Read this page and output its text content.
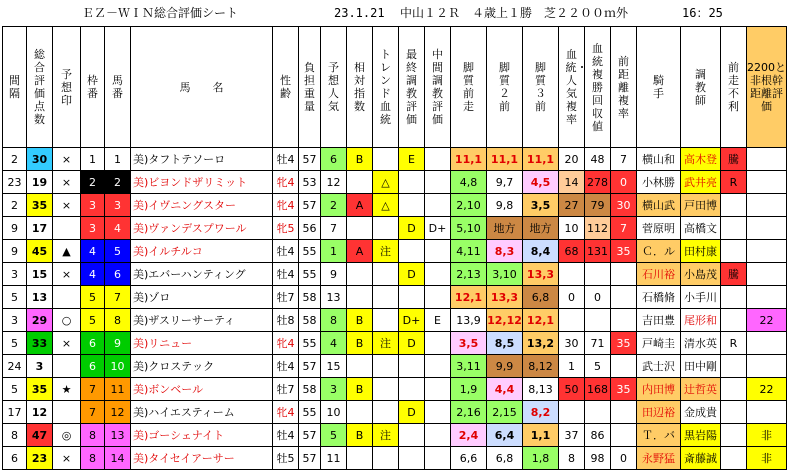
ＥＺ－ＷＩＮ総合評価シート	23.1.21 中山１２Ｒ　４歳上１勝　芝２２００ｍ外	16：25
間隔	総合評価点数	予想印	枠番	馬番	馬　　名	性齢	負担重量	予想人気	相対指数	トレンド血統	最終調教評価	中間調教評価	脚質前走	脚質２前	脚質３前	血統・人気複率	血統複勝回収値	前距離複率	騎手	調教師	前走不利	2200と非根幹距離評価
2	30	×	1	1	美)タフトテソーロ	牡4	57	6	B		E		11,1	11,1	11,1	20	48	7	横山和	高木登	騰	
23	19	×	2	2	美)ビヨンドザリミット	牝4	53	12		△			4,8	9,7	4,5	14	278	0	小林勝	武井亮	R	
2	35	×	3	3	美)イヴニングスター	牝4	57	2	A	△			2,10	9,8	3,5	27	79	30	横山武	戸田博		
9	17		3	4	美)ヴァンデスプワール	牝5	56	7			D	D+	5,10	地方	地方	10	112	7	菅原明	高橋文		
9	45	▲	4	5	美)イルチルコ	牡4	55	1	A	注			4,11	8,3	8,4	68	131	35	Ｃ．ル	田村康		
3	15	×	4	6	美)エバーハンティング	牡4	55	9			D		2,13	3,10	13,3				石川裕	小島茂	騰	
5	13		5	7	美)ゾロ	牡7	58	13					12,1	13,3	6,8	0	0		石橋脩	小手川		
3	29	○	5	8	美)ザスリーサーティ	牡8	58	8	B		D+	E	13,9	12,12	12,1				吉田豊	尾形和		22
5	33	×	6	9	美)リニュー	牝4	55	4	B	注	D		3,5	8,5	13,2	30	71	35	戸崎圭	清水英	R	
24	3		6	10	美)クロステック	牡4	57	15					3,11	9,9	8,12	1	5		武士沢	田中剛		
5	35	★	7	11	美)ボンベール	牡7	58	3	B				1,9	4,4	8,13	50	168	35	内田博	辻哲英		22
17	12		7	12	美)ハイエスティーム	牝4	55	10			D		2,16	2,15	8,2				田辺裕	金成貴		
8	47	◎	8	13	美)ゴーシェナイト	牡4	57	5	B	注			2,4	6,4	1,1	37	86		Ｔ．バ	黒岩陽		非
6	23	×	8	14	美)タイセイアーサー	牡5	57	11					6,6	6,8	1,8	8	98	0	永野猛	斎藤誠		非
